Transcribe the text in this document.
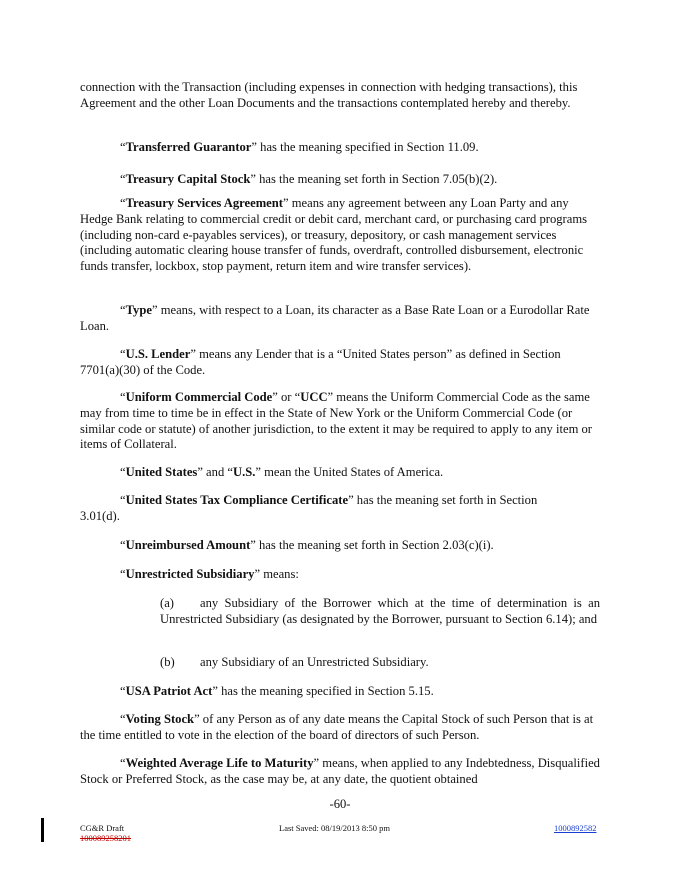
connection with the Transaction (including expenses in connection with hedging transactions), this Agreement and the other Loan Documents and the transactions contemplated hereby and thereby.

“Transferred Guarantor” has the meaning specified in Section 11.09.

“Treasury Capital Stock” has the meaning set forth in Section 7.05(b)(2).

“Treasury Services Agreement” means any agreement between any Loan Party and any Hedge Bank relating to commercial credit or debit card, merchant card, or purchasing card programs (including non-card e-payables services), or treasury, depository, or cash management services (including automatic clearing house transfer of funds, overdraft, controlled disbursement, electronic funds transfer, lockbox, stop payment, return item and wire transfer services).

“Type” means, with respect to a Loan, its character as a Base Rate Loan or a Eurodollar Rate Loan.

“U.S. Lender” means any Lender that is a “United States person” as defined in Section 7701(a)(30) of the Code.

“Uniform Commercial Code” or “UCC” means the Uniform Commercial Code as the same may from time to time be in effect in the State of New York or the Uniform Commercial Code (or similar code or statute) of another jurisdiction, to the extent it may be required to apply to any item or items of Collateral.

“United States” and “U.S.” mean the United States of America.

“United States Tax Compliance Certificate” has the meaning set forth in Section 3.01(d).

“Unreimbursed Amount” has the meaning set forth in Section 2.03(c)(i).

“Unrestricted Subsidiary” means:

(a) any Subsidiary of the Borrower which at the time of determination is an Unrestricted Subsidiary (as designated by the Borrower, pursuant to Section 6.14); and
(b) any Subsidiary of an Unrestricted Subsidiary.

“USA Patriot Act” has the meaning specified in Section 5.15.

“Voting Stock” of any Person as of any date means the Capital Stock of such Person that is at the time entitled to vote in the election of the board of directors of such Person.

“Weighted Average Life to Maturity” means, when applied to any Indebtedness, Disqualified Stock or Preferred Stock, as the case may be, at any date, the quotient obtained

-60-
CG&R Draft
100089258201
Last Saved: 08/19/2013 8:50 pm	1000892582
